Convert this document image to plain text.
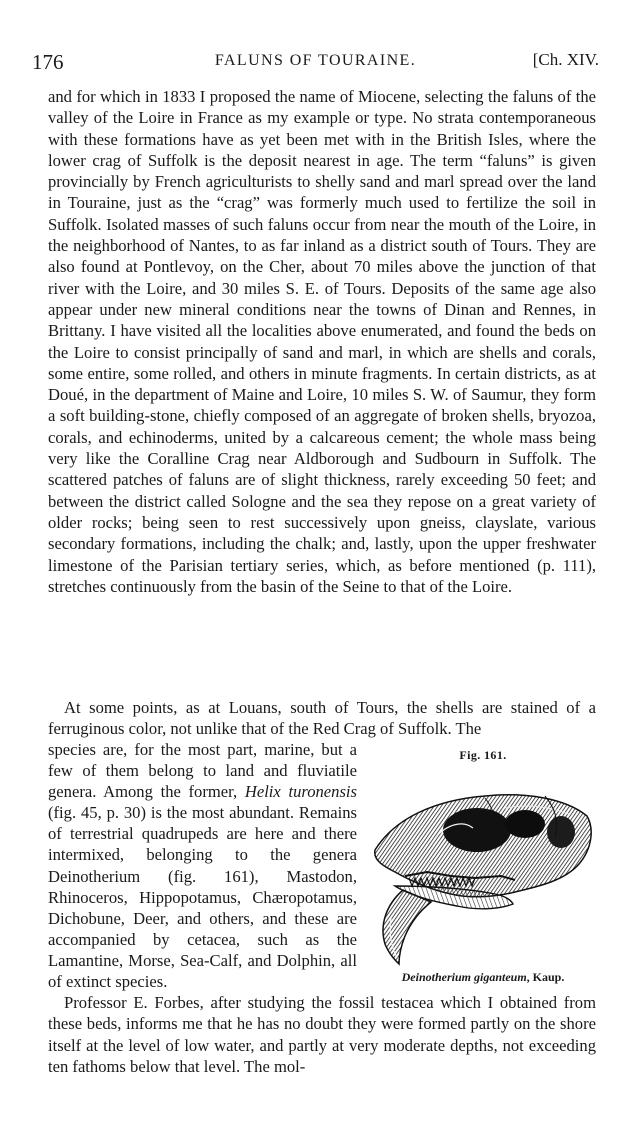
176	FALUNS OF TOURAINE.	[Ch. XIV.
and for which in 1833 I proposed the name of Miocene, selecting the faluns of the valley of the Loire in France as my example or type. No strata contemporaneous with these formations have as yet been met with in the British Isles, where the lower crag of Suffolk is the deposit nearest in age. The term “faluns” is given provincially by French agriculturists to shelly sand and marl spread over the land in Touraine, just as the “crag” was formerly much used to fertilize the soil in Suffolk. Isolated masses of such faluns occur from near the mouth of the Loire, in the neighborhood of Nantes, to as far inland as a district south of Tours. They are also found at Pontlevoy, on the Cher, about 70 miles above the junction of that river with the Loire, and 30 miles S. E. of Tours. Deposits of the same age also appear under new mineral conditions near the towns of Dinan and Rennes, in Brittany. I have visited all the localities above enumerated, and found the beds on the Loire to consist principally of sand and marl, in which are shells and corals, some entire, some rolled, and others in minute fragments. In certain districts, as at Doué, in the department of Maine and Loire, 10 miles S. W. of Saumur, they form a soft building-stone, chiefly composed of an aggregate of broken shells, bryozoa, corals, and echinoderms, united by a calcareous cement; the whole mass being very like the Coralline Crag near Aldborough and Sudbourn in Suffolk. The scattered patches of faluns are of slight thickness, rarely exceeding 50 feet; and between the district called Sologne and the sea they repose on a great variety of older rocks; being seen to rest successively upon gneiss, clayslate, various secondary formations, including the chalk; and, lastly, upon the upper freshwater limestone of the Parisian tertiary series, which, as before mentioned (p. 111), stretches continuously from the basin of the Seine to that of the Loire.
At some points, as at Louans, south of Tours, the shells are stained of a ferruginous color, not unlike that of the Red Crag of Suffolk. The
species are, for the most part, marine, but a few of them belong to land and fluviatile genera. Among the former, Helix turonensis (fig. 45, p. 30) is the most abundant. Remains of terrestrial quadrupeds are here and there intermixed, belonging to the genera Deinotherium (fig. 161), Mastodon, Rhinoceros, Hippopotamus, Chæropotamus, Dichobune, Deer, and others, and these are accompanied by cetacea, such as the Lamantine, Morse, Sea-Calf, and Dolphin, all of extinct species.
Fig. 161.
Deinotherium giganteum, Kaup.
Professor E. Forbes, after studying the fossil testacea which I obtained from these beds, informs me that he has no doubt they were formed partly on the shore itself at the level of low water, and partly at very moderate depths, not exceeding ten fathoms below that level. The mol-
